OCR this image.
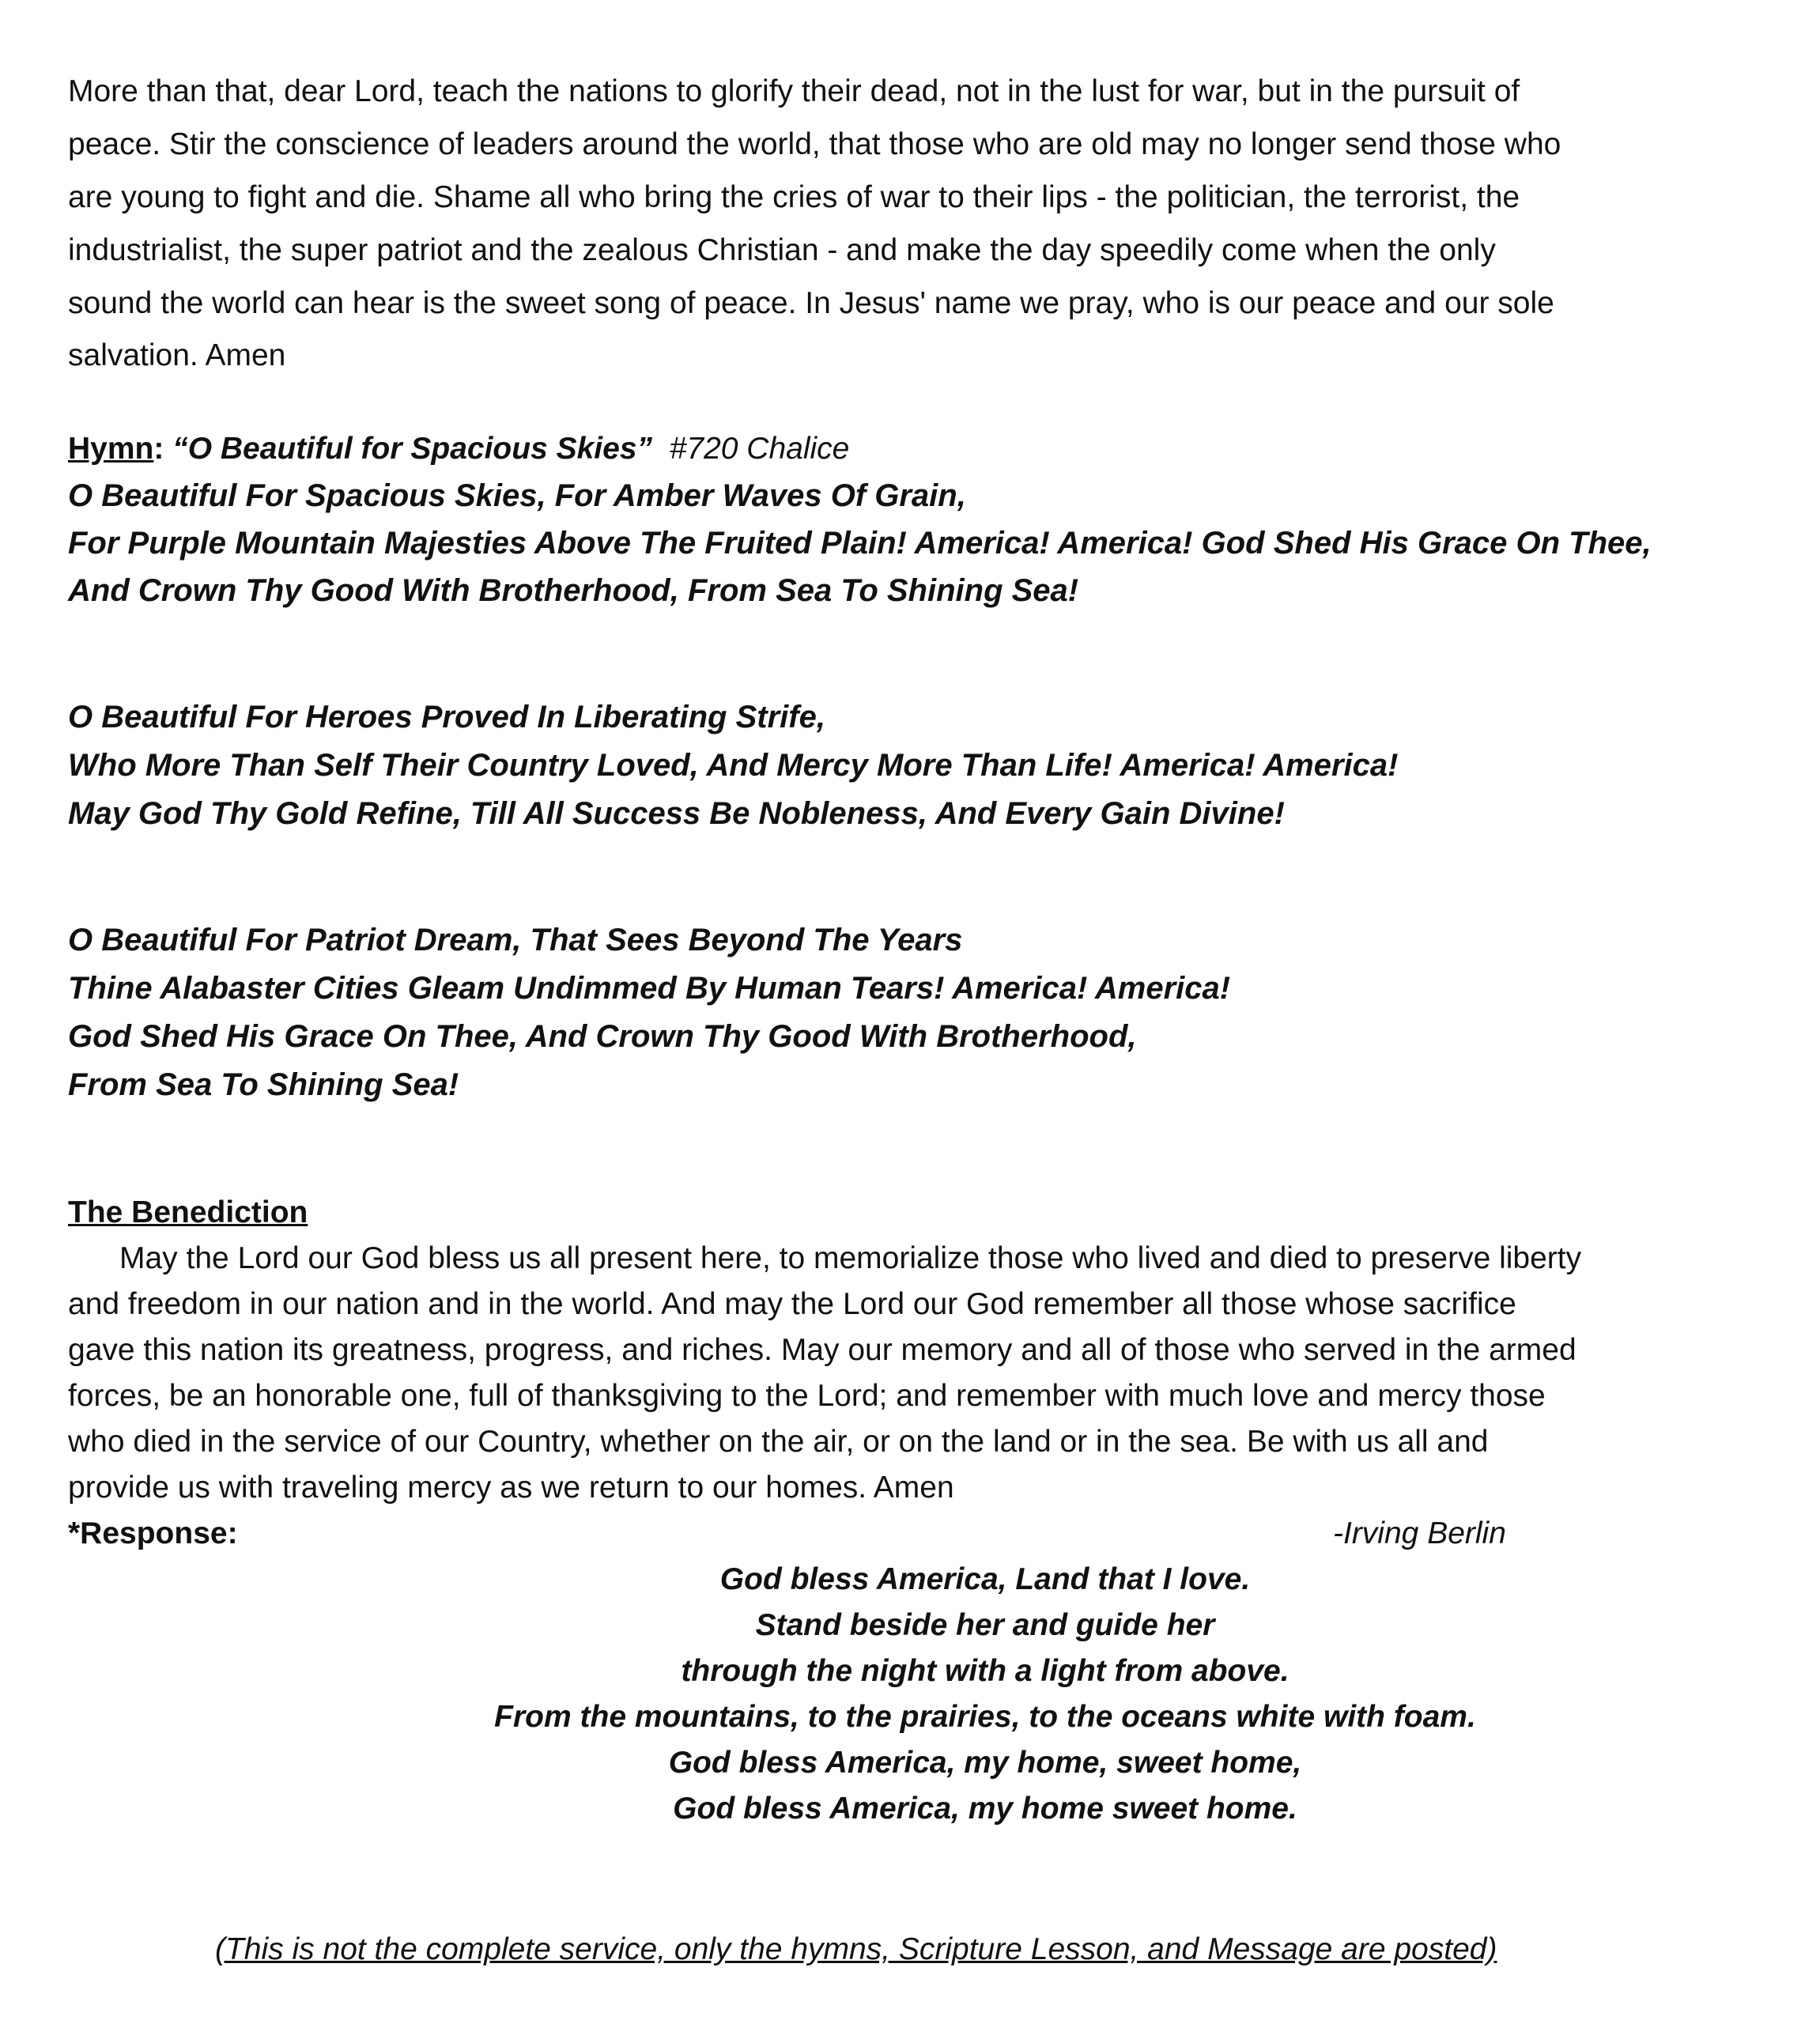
More than that, dear Lord, teach the nations to glorify their dead, not in the lust for war, but in the pursuit of
peace. Stir the conscience of leaders around the world, that those who are old may no longer send those who
are young to fight and die. Shame all who bring the cries of war to their lips - the politician, the terrorist, the
industrialist, the super patriot and the zealous Christian - and make the day speedily come when the only
sound the world can hear is the sweet song of peace. In Jesus' name we pray, who is our peace and our sole
salvation. Amen
Hymn: “O Beautiful for Spacious Skies” #720 Chalice
O Beautiful For Spacious Skies, For Amber Waves Of Grain,
For Purple Mountain Majesties Above The Fruited Plain! America! America! God Shed His Grace On Thee,
And Crown Thy Good With Brotherhood, From Sea To Shining Sea!
O Beautiful For Heroes Proved In Liberating Strife,
Who More Than Self Their Country Loved, And Mercy More Than Life! America! America!
May God Thy Gold Refine, Till All Success Be Nobleness, And Every Gain Divine!
O Beautiful For Patriot Dream, That Sees Beyond The Years
Thine Alabaster Cities Gleam Undimmed By Human Tears! America! America!
God Shed His Grace On Thee, And Crown Thy Good With Brotherhood,
From Sea To Shining Sea!
The Benediction
May the Lord our God bless us all present here, to memorialize those who lived and died to preserve liberty
and freedom in our nation and in the world. And may the Lord our God remember all those whose sacrifice
gave this nation its greatness, progress, and riches. May our memory and all of those who served in the armed
forces, be an honorable one, full of thanksgiving to the Lord; and remember with much love and mercy those
who died in the service of our Country, whether on the air, or on the land or in the sea. Be with us all and
provide us with traveling mercy as we return to our homes. Amen
*Response:	-Irving Berlin
God bless America, Land that I love.
Stand beside her and guide her
through the night with a light from above.
From the mountains, to the prairies, to the oceans white with foam.
God bless America, my home, sweet home,
God bless America, my home sweet home.
(This is not the complete service, only the hymns, Scripture Lesson, and Message are posted)
